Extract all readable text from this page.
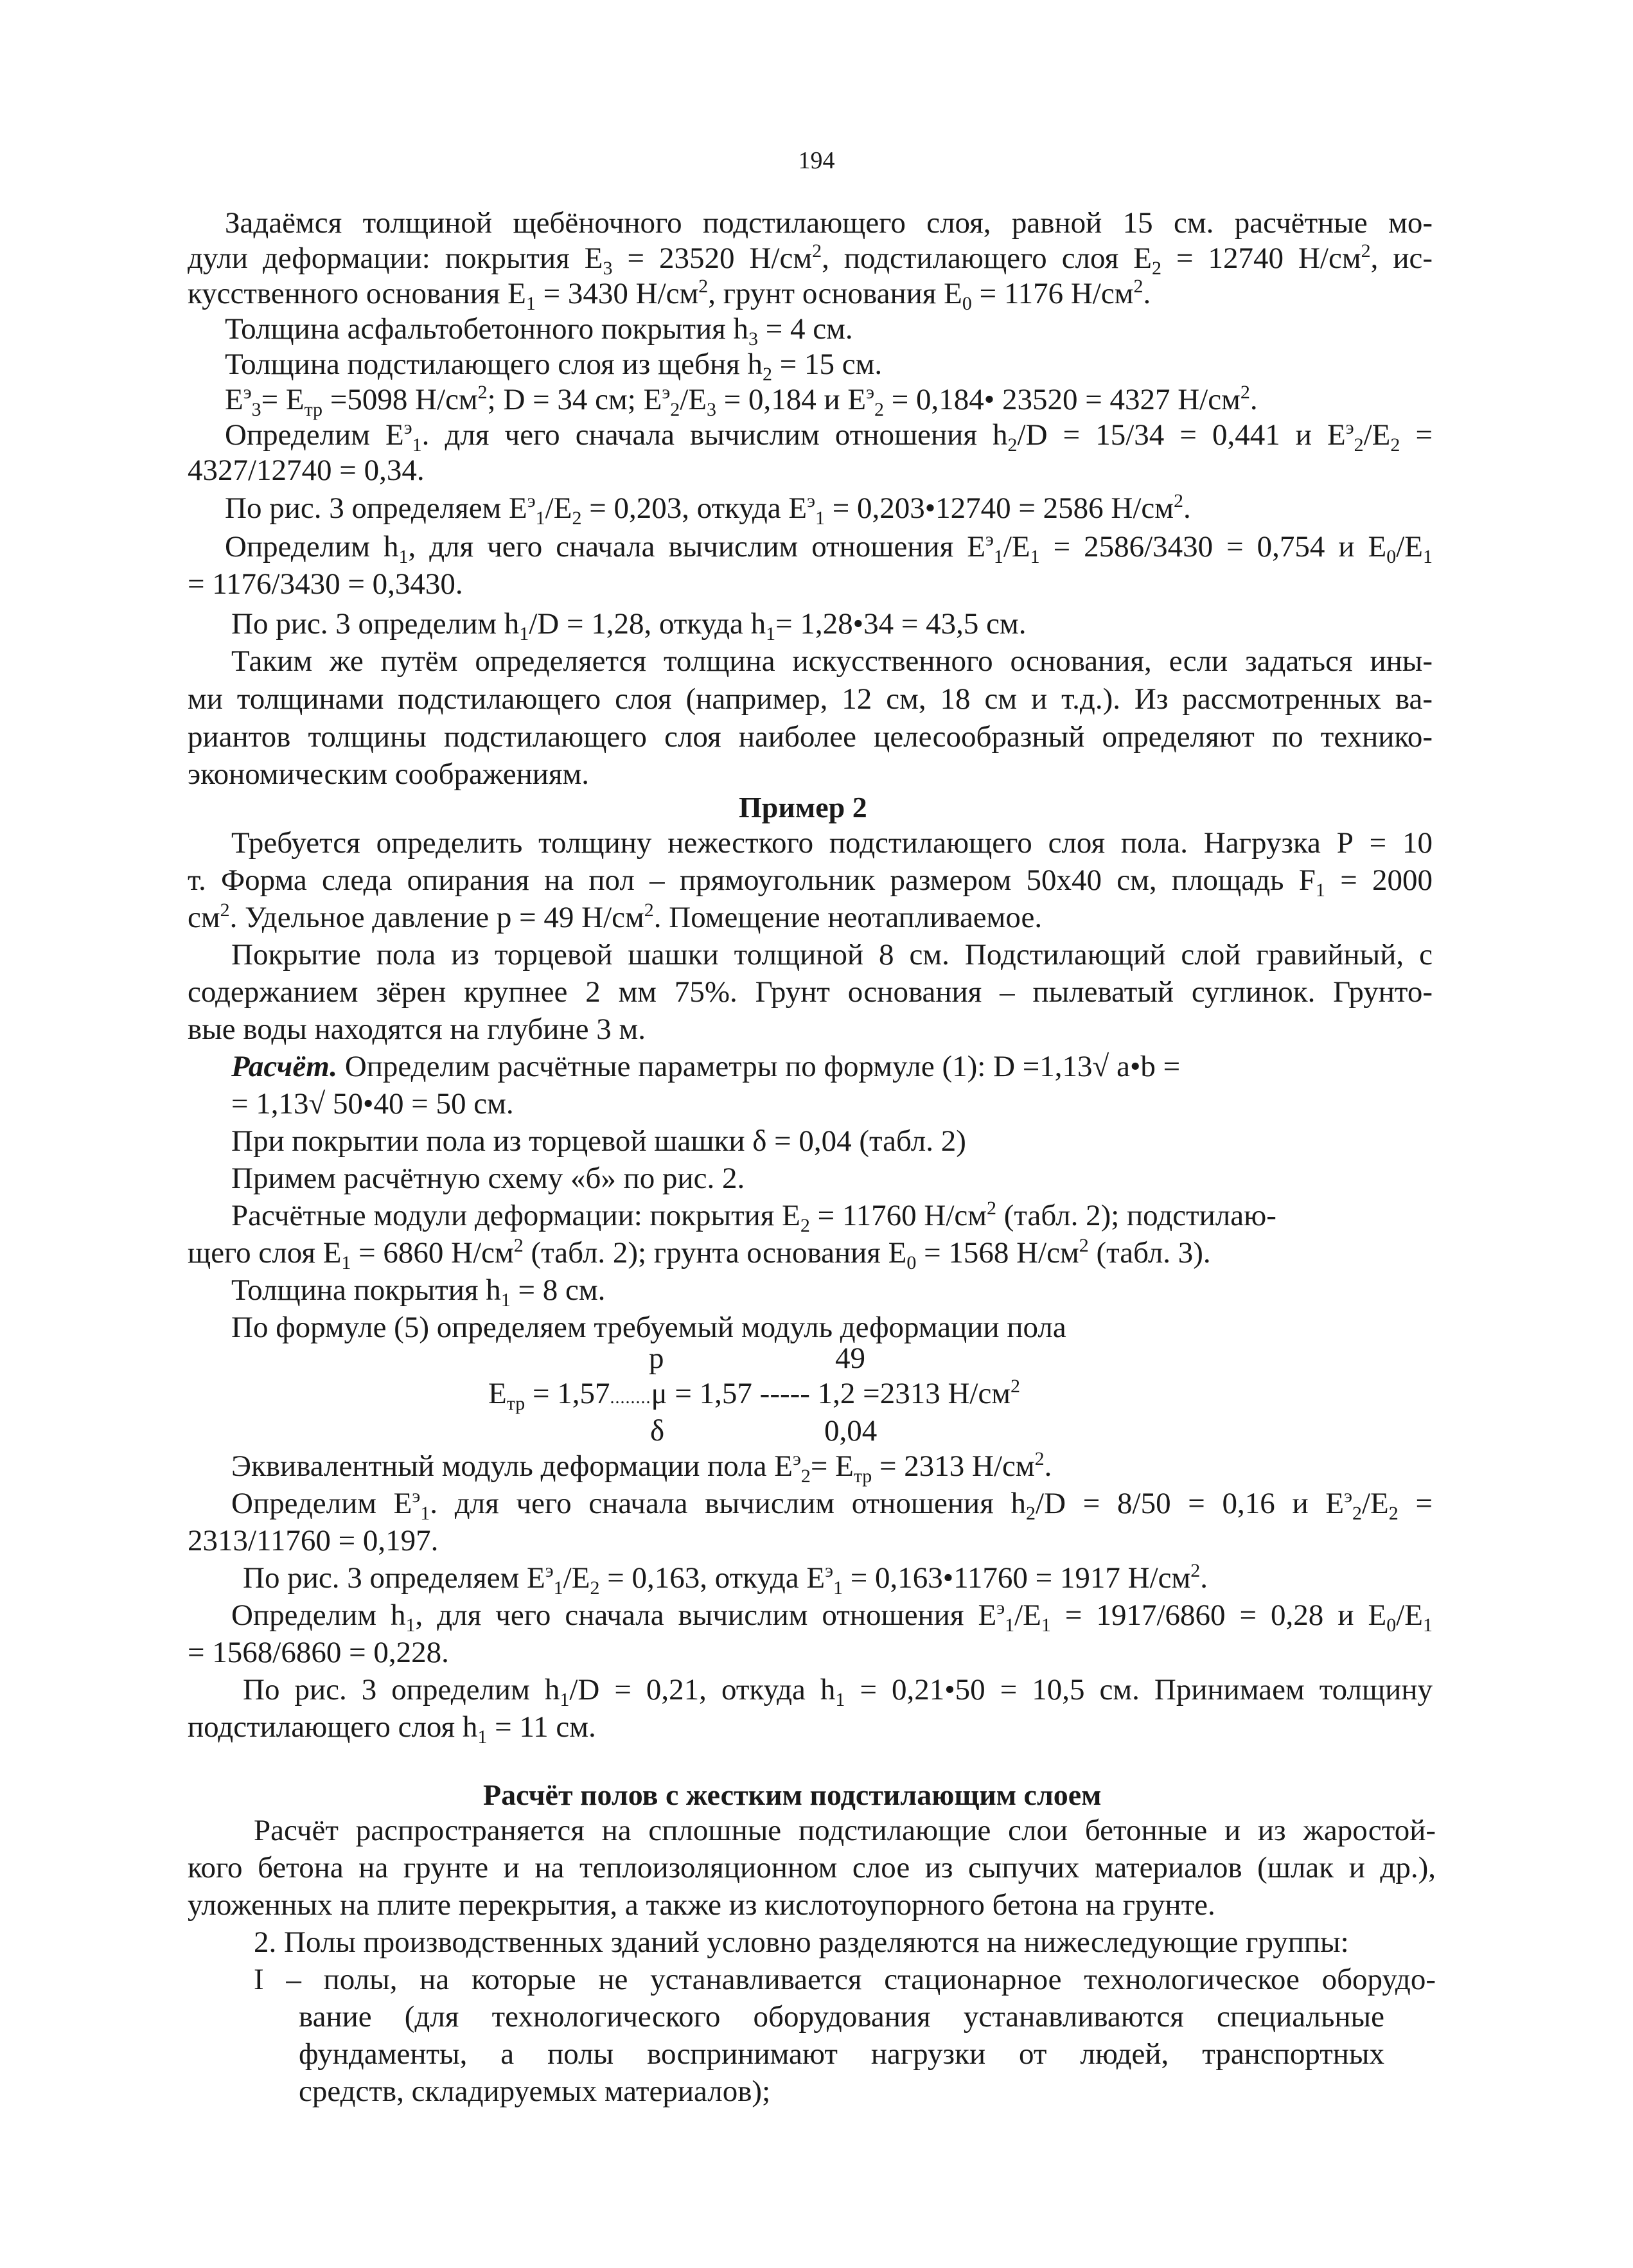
194
Задаёмся толщиной щебёночного подстилающего слоя, равной 15 см. расчётные мо-
дули деформации: покрытия $Е_3 = 23520$ $Н/см^2$, подстилающего слоя $Е_2 = 12740$ $Н/см^2$, ис-
кусственного основания $Е_1 = 3430$ $Н/см^2$, грунт основания $Е_0 = 1176$ $Н/см^2$.
Толщина асфальтобетонного покрытия $h_3 = 4$ см.
Толщина подстилающего слоя из щебня $h_2 = 15$ см.
$Е^э_3= Е_{тр} =5098$ $Н/см^2$; D = 34 см; $Е^э_2/Е_3 = 0,184$ и $Е^э_2$ = 0,184• 23520 = 4327 $Н/см^2$.
Определим $Е^э_1$. для чего сначала вычислим отношения $h_2/D = 15/34 = 0,441$ и $Е^э_2/Е_2$ =
4327/12740 = 0,34.
По рис. 3 определяем $Е^э_1/Е_2 = 0,203$, откуда $Е^э_1$ = 0,203•12740 = 2586 $Н/см^2$.
Определим $h_1$, для чего сначала вычислим отношения $Е^э_1/Е_1 = 2586/3430 = 0,754$ и $Е_0/Е_1$
= 1176/3430 = 0,3430.
По рис. 3 определим $h_1/D = 1,28$, откуда $h_1=$ 1,28•34 = 43,5 см.
Таким же путём определяется толщина искусственного основания, если задаться ины-
ми толщинами подстилающего слоя (например, 12 см, 18 см и т.д.). Из рассмотренных ва-
риантов толщины подстилающего слоя наиболее целесообразный определяют по технико-
экономическим соображениям.
Пример 2
Требуется определить толщину нежесткого подстилающего слоя пола. Нагрузка Р = 10
т. Форма следа опирания на пол – прямоугольник размером 50х40 см, площадь $F_1 = 2000$
$см^2$. Удельное давление р = 49 $Н/см^2$. Помещение неотапливаемое.
Покрытие пола из торцевой шашки толщиной 8 см. Подстилающий слой гравийный, с
содержанием зёрен крупнее 2 мм 75%. Грунт основания – пылеватый суглинок. Грунто-
вые воды находятся на глубине 3 м.
Расчёт. Определим расчётные параметры по формуле (1): D =1,13√ а•b =
= 1,13√ 50•40 = 50 см.
При покрытии пола из торцевой шашки δ = 0,04 (табл. 2)
Примем расчётную схему «б» по рис. 2.
Расчётные модули деформации: покрытия $Е_2 = 11760$ $Н/см^2$ (табл. 2); подстилаю-
щего слоя $Е_1 = 6860$ $Н/см^2$ (табл. 2); грунта основания $Е_0 = 1568$ $Н/см^2$ (табл. 3).
Толщина покрытия $h_1 = 8$ см.
По формуле (5) определяем требуемый модуль деформации пола
р	49
$Е_{тр} = 1,57........\mu = 1,57$ ----- 1,2 =2313 $Н/см^2$
δ	0,04
Эквивалентный модуль деформации пола $Е^э_2= Е_{тр} = 2313$ $Н/см^2$.
Определим $Е^э_1$. для чего сначала вычислим отношения $h_2/D = 8/50 = 0,16$ и $Е^э_2/Е_2$ =
2313/11760 = 0,197.
По рис. 3 определяем $Е^э_1/Е_2 = 0,163$, откуда $Е^э_1$ = 0,163•11760 = 1917 $Н/см^2$.
Определим $h_1$, для чего сначала вычислим отношения $Е^э_1/Е_1 = 1917/6860 = 0,28$ и $Е_0/Е_1$
= 1568/6860 = 0,228.
По рис. 3 определим $h_1/D = 0,21$, откуда $h_1$ = 0,21•50 = 10,5 см. Принимаем толщину
подстилающего слоя $h_1 = 11$ см.
Расчёт полов с жестким подстилающим слоем
Расчёт распространяется на сплошные подстилающие слои бетонные и из жаростой-
кого бетона на грунте и на теплоизоляционном слое из сыпучих материалов (шлак и др.),
уложенных на плите перекрытия, а также из кислотоупорного бетона на грунте.
2. Полы производственных зданий условно разделяются на нижеследующие группы:
I – полы, на которые не устанавливается стационарное технологическое оборудо-
вание (для технологического оборудования устанавливаются специальные
фундаменты, а полы воспринимают нагрузки от людей, транспортных
средств, складируемых материалов);
